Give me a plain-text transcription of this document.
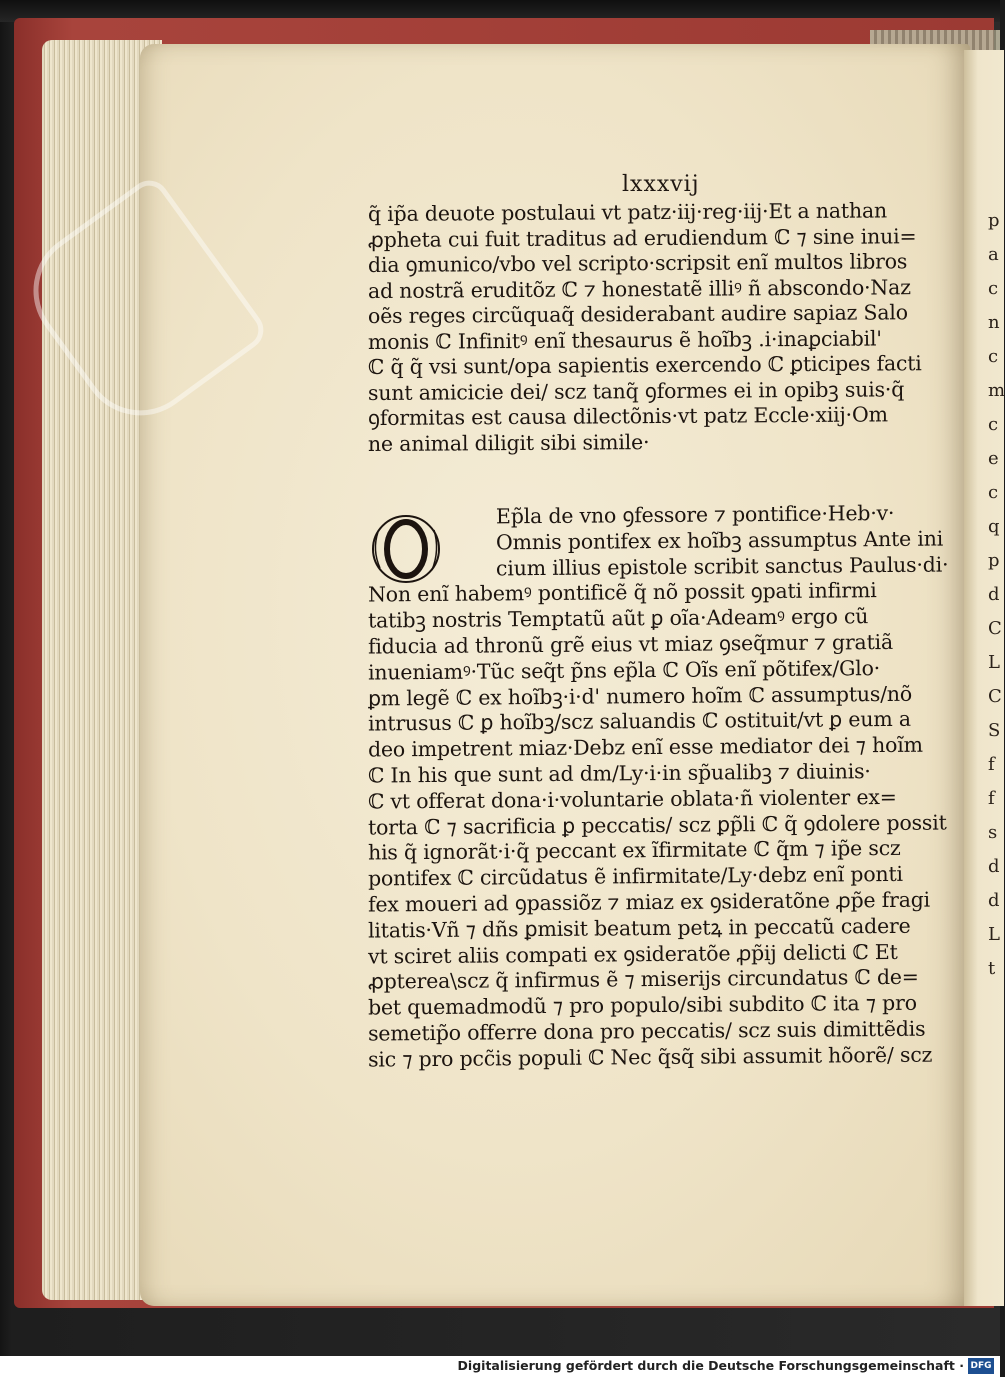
p
a
c
n
c
m
c
e
c
q
p
d
C
L
C
S
f
f
s
d
d
L
t
lxxxvij
q̃ ip̃a deuote postulaui vt patz·iij·reg·iij·Et a nathan
ꝓpheta cui fuit traditus ad erudiendum ℂ ⁊ sine inui=
dia ꝯmunico/vbo vel scripto·scripsit enĩ multos libros
ad nostrã eruditõz ℂ ⁊ honestatẽ illiꝰ ñ abscondo·Naz
oẽs reges circũquaq̃ desiderabant audire sapiaz Salo
monis ℂ Infinitꝰ enĩ thesaurus ẽ hoĩbꝫ .i·inaꝑciabil'
ℂ q̃ q̃ vsi sunt/opa sapientis exercendo ℂ ꝑticipes facti
sunt amicicie dei/ scz tanq̃ ꝯformes ei in opibꝫ suis·q̃
ꝯformitas est causa dilectõnis·vt patz Eccle·xiij·Om
ne animal diligit sibi simile·
Ep̃la de vno ꝯfessore ⁊ pontifice·Heb·v·
Omnis pontifex ex hoĩbꝫ assumptus Ante ini
cium illius epistole scribit sanctus Paulus·di·
Non enĩ habemꝰ pontificẽ q̃ nõ possit ꝯpati infirmi
tatibꝫ nostris Temptatũ aũt ꝑ oĩa·Adeamꝰ ergo cũ
fiducia ad thronũ grẽ eius vt miaz ꝯseq̃mur ⁊ gratiã
inueniamꝰ·Tũc seq̃t p̃ns ep̃la ℂ Oĩs enĩ põtifex/Glo·
ꝑm legẽ ℂ ex hoĩbꝫ·i·d' numero hoĩm ℂ assumptus/nõ
intrusus ℂ ꝑ hoĩbꝫ/scz saluandis ℂ ostituit/vt ꝑ eum a
deo impetrent miaz·Debz enĩ esse mediator dei ⁊ hoĩm
ℂ In his que sunt ad dm/Ly·i·in sp̃ualibꝫ ⁊ diuinis·
ℂ vt offerat dona·i·voluntarie oblata·ñ violenter ex=
torta ℂ ⁊ sacrificia ꝑ peccatis/ scz ꝑp̃li ℂ q̃ ꝯdolere possit
his q̃ ignorãt·i·q̃ peccant ex ĩfirmitate ℂ q̃m ⁊ ip̃e scz
pontifex ℂ circũdatus ẽ infirmitate/Ly·debz enĩ ponti
fex moueri ad ꝯpassiõz ⁊ miaz ex ꝯsideratõne ꝓp̃e fragi
litatis·Vñ ⁊ dñs ꝑmisit beatum petꝝ in peccatũ cadere
vt sciret aliis compati ex ꝯsideratõe ꝓp̃ij delicti ℂ Et
ꝓpterea\scz q̃ infirmus ẽ ⁊ miserijs circundatus ℂ de=
bet quemadmodũ ⁊ pro populo/sibi subdito ℂ ita ⁊ pro
semetip̃o offerre dona pro peccatis/ scz suis dimittẽdis
sic ⁊ pro pcc̃is populi ℂ Nec q̃sq̃ sibi assumit hõorẽ/ scz
Digitalisierung gefördert durch die Deutsche Forschungsgemeinschaft · DFG
